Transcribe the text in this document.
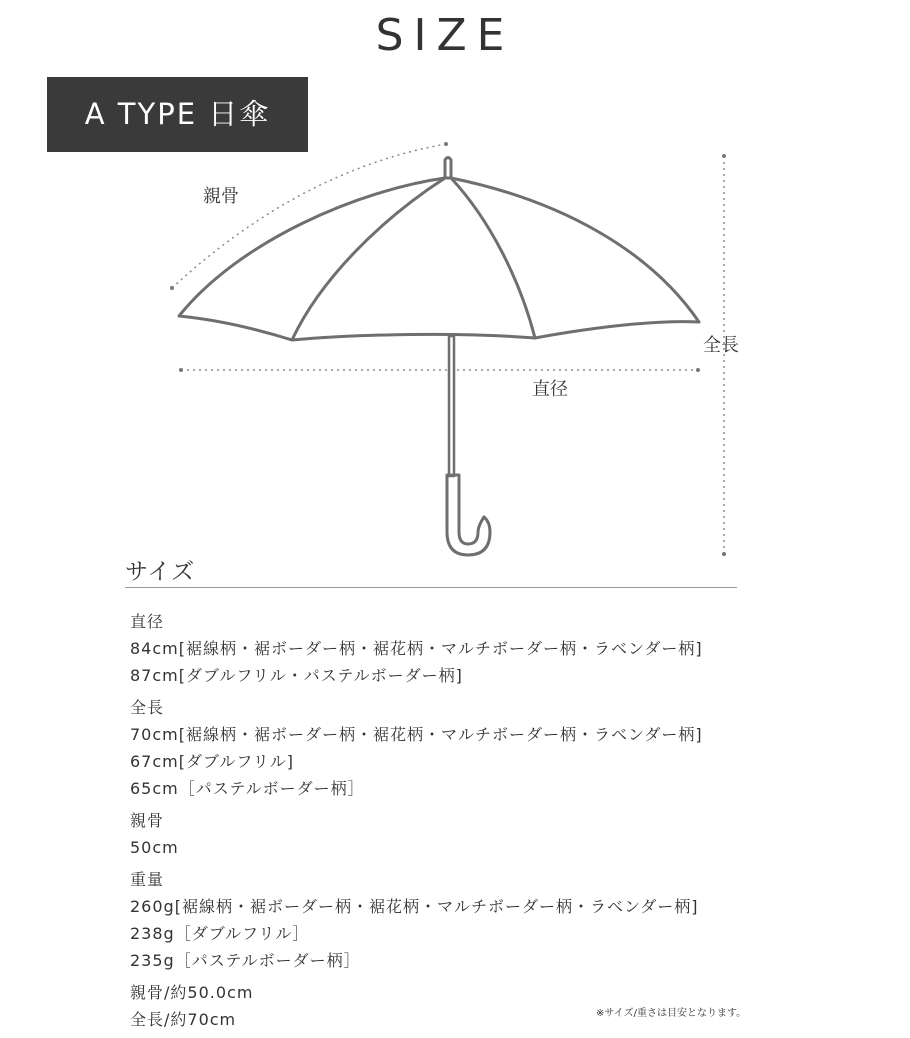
SIZE
A TYPE 日傘
親骨
全長
直径
サイズ
直径
84cm[裾線柄・裾ボーダー柄・裾花柄・マルチボーダー柄・ラベンダー柄]
87cm[ダブルフリル・パステルボーダー柄]
全長
70cm[裾線柄・裾ボーダー柄・裾花柄・マルチボーダー柄・ラベンダー柄]
67cm[ダブルフリル]
65cm［パステルボーダー柄］
親骨
50cm
重量
260g[裾線柄・裾ボーダー柄・裾花柄・マルチボーダー柄・ラベンダー柄]
238g［ダブルフリル］
235g［パステルボーダー柄］
親骨/約50.0cm
全長/約70cm	※サイズ/重さは目安となります。
